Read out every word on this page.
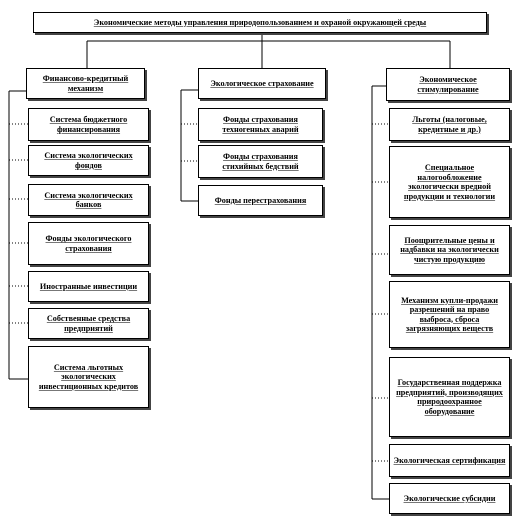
Экономические методы управления природопользованием и охраной окружающей среды
Финансово-кредитный механизм
Система бюджетного финансирования
Система экологических фондов
Система экологических банков
Фонды экологического страхования
Иностранные инвестиции
Собственные средства предприятий
Система льготных экологических инвестиционных кредитов
Экологическое страхование
Фонды страхования техногенных аварий
Фонды страхования стихийных бедствий
Фонды перестрахования
Экономическое стимулирование
Льготы (налоговые, кредитные и др.)
Специальное налогообложение экологически вредной продукции и технологии
Поощрительные цены и надбавки на экологически чистую продукцию
Механизм купли-продажи разрешений на право выброса, сброса загрязняющих веществ
Государственная поддержка предприятий, производящих природоохранное оборудование
Экологическая сертификация
Экологические субсидии
